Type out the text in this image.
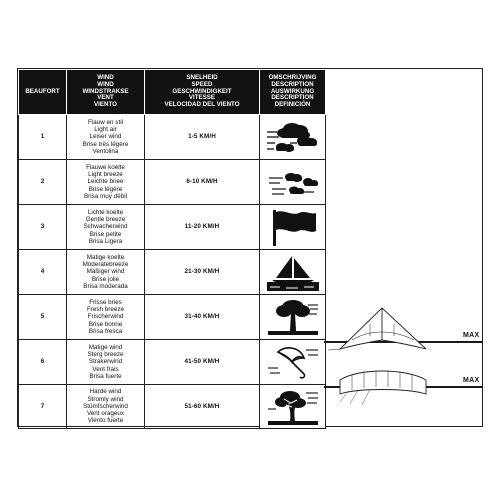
BEAUFORT	WIND
WIND
WINDSTRAKSE
VENT
VIENTO	SNELHEID
SPEED
GESCHWINDIGKEIT
VITESSE
VELOCIDAD DEL VIENTO	OMSCHRIJVING
DESCRIPTION
AUSWIRKUNG
DESCRIPTION
DEFINICIÓN

1	Flauw en stil
Light air
Leiser wind
Brise très légère
Ventolina	1-5 KM/H	

2	Flauwe koelte
Light breeze
Leichte briee
Brise légère
Brisa muy débil	6-10 KM/H	

3	Lichte koelte
Gentle breeze
Schwacherwind
Brise petite
Brisa Ligera	11-20 KM/H	

4	Matige koelte
Moderatebreeze
Mäßiger wind
Brise jolie
Brisa moderada	21-30 KM/H	

5	Frisse bries
Fresh breeze
Frischerwind
Brise bonne
Brisa fresca	31-40 KM/H	

6	Matige wind
Sterg breeze
Strakerwind
Vent frais
Brisa fuerte	41-50 KM/H	

7	Harde wind
Stromly wind
Stümfscherwind
Vent orageux
Viento fuerte	51-60 KM/H	
MAX
MAX
